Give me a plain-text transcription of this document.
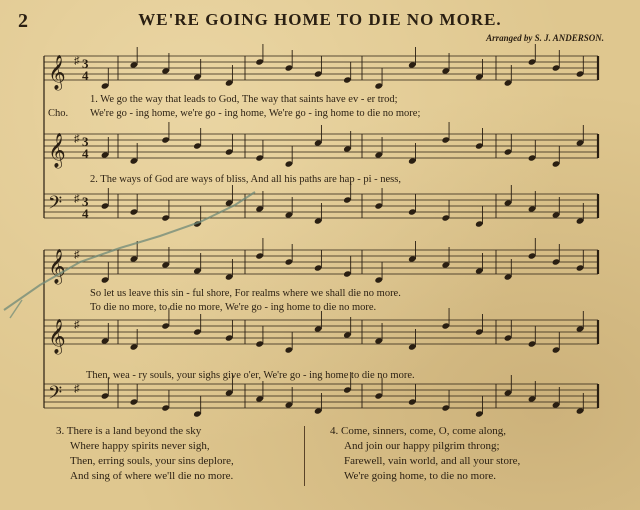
2	WE'RE GOING HOME TO DIE NO MORE.
Arranged by S. J. ANDERSON.
𝄞 ♯ 3
4
𝄞 ♯ 3
4
𝄢 ♯ 3
4
𝄞 ♯
𝄞 ♯
𝄢 ♯
1. We go the way that leads to God, The way that saints have ev - er trod;
Cho. We're go - ing home, we're go - ing home, We're go - ing home to die no more;
2. The ways of God are ways of bliss, And all his paths are hap - pi - ness,
So let us leave this sin - ful shore, For realms where we shall die no more.
To die no more, to die no more, We're go - ing home to die no more.
Then, wea - ry souls, your sighs give o'er, We're go - ing home to die no more.
3. There is a land beyond the sky
Where happy spirits never sigh,
Then, erring souls, your sins deplore,
And sing of where we'll die no more.
4. Come, sinners, come, O, come along,
And join our happy pilgrim throng;
Farewell, vain world, and all your store,
We're going home, to die no more.
